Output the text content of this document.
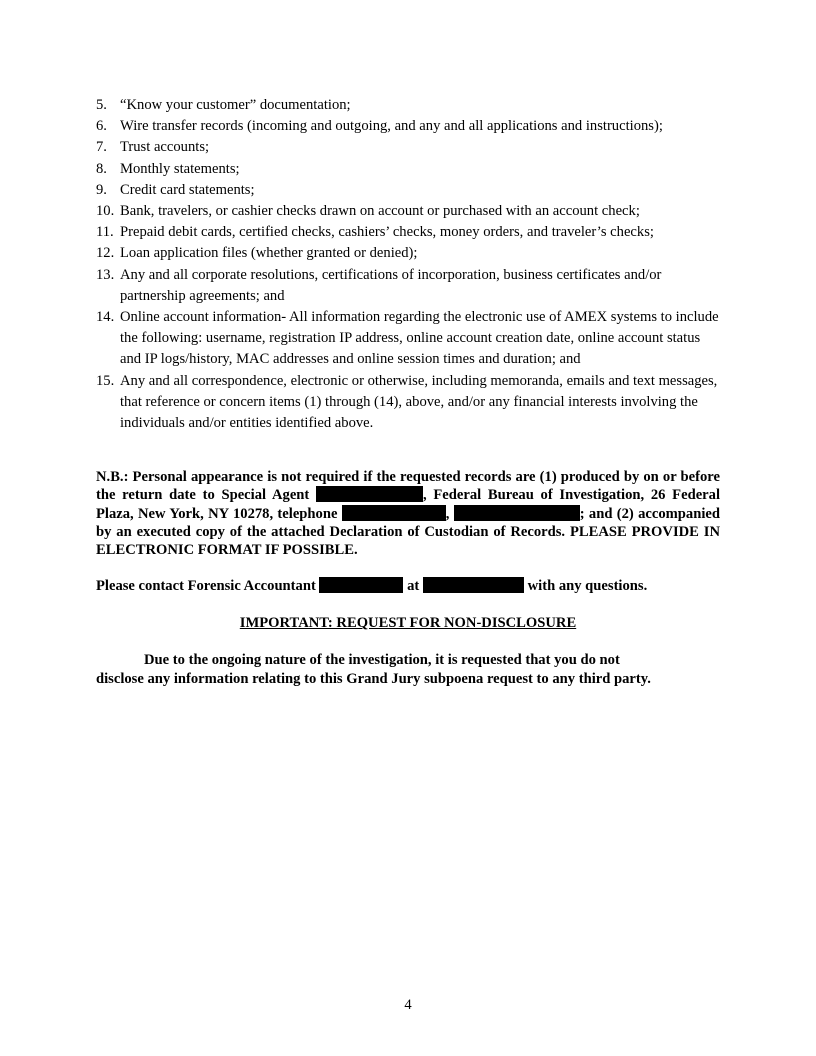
5. “Know your customer” documentation;
6. Wire transfer records (incoming and outgoing, and any and all applications and instructions);
7. Trust accounts;
8. Monthly statements;
9. Credit card statements;
10. Bank, travelers, or cashier checks drawn on account or purchased with an account check;
11. Prepaid debit cards, certified checks, cashiers’ checks, money orders, and traveler’s checks;
12. Loan application files (whether granted or denied);
13. Any and all corporate resolutions, certifications of incorporation, business certificates and/or partnership agreements; and
14. Online account information- All information regarding the electronic use of AMEX systems to include the following: username, registration IP address, online account creation date, online account status and IP logs/history, MAC addresses and online session times and duration; and
15. Any and all correspondence, electronic or otherwise, including memoranda, emails and text messages, that reference or concern items (1) through (14), above, and/or any financial interests involving the individuals and/or entities identified above.

N.B.: Personal appearance is not required if the requested records are (1) produced by on or before the return date to Special Agent	, Federal Bureau of Investigation, 26 Federal Plaza, New York, NY 10278, telephone	,	; and (2) accompanied by an executed copy of the attached Declaration of Custodian of Records. PLEASE PROVIDE IN ELECTRONIC FORMAT IF POSSIBLE.

Please contact Forensic Accountant	at	with any questions.

IMPORTANT: REQUEST FOR NON-DISCLOSURE
Due to the ongoing nature of the investigation, it is requested that you do not
disclose any information relating to this Grand Jury subpoena request to any third party.
4
